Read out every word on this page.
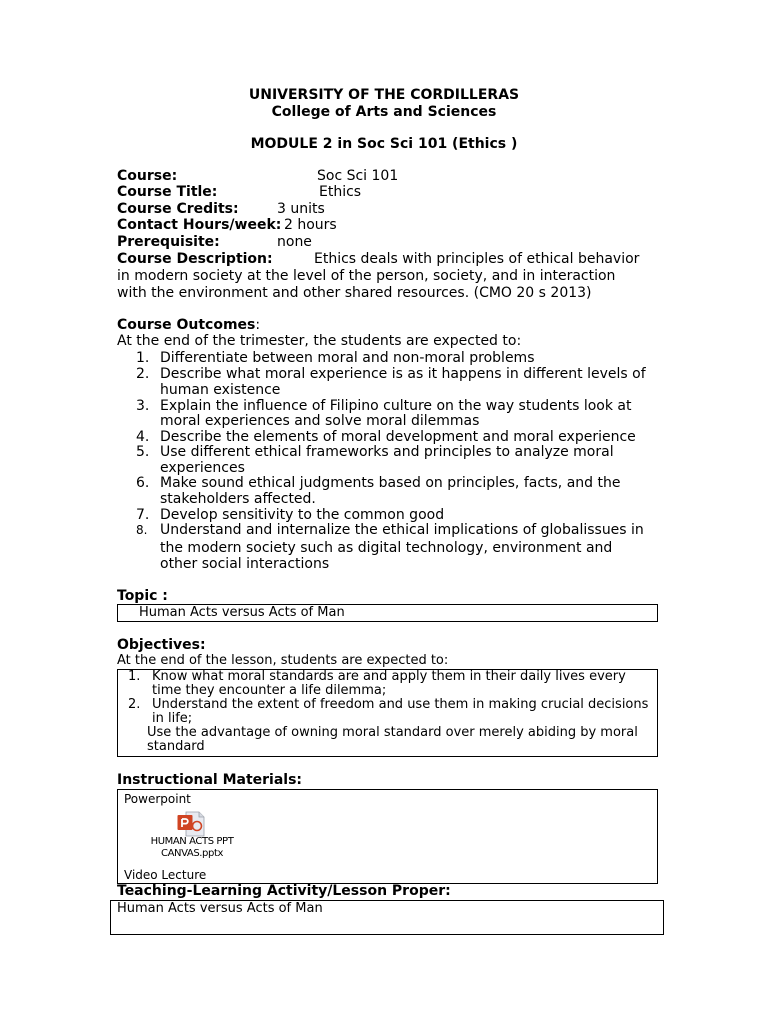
UNIVERSITY OF THE CORDILLERAS
College of Arts and Sciences
MODULE 2 in Soc Sci 101 (Ethics )
Course:	Soc Sci 101
Course Title:	Ethics
Course Credits:	3 units
Contact Hours/week: 2 hours
Prerequisite:	none
Course Description:	Ethics deals with principles of ethical behavior
in modern society at the level of the person, society, and in interaction
with the environment and other shared resources. (CMO 20 s 2013)
Course Outcomes:
At the end of the trimester, the students are expected to:
1. Differentiate between moral and non-moral problems
2. Describe what moral experience is as it happens in different levels of
human existence
3. Explain the influence of Filipino culture on the way students look at
moral experiences and solve moral dilemmas
4. Describe the elements of moral development and moral experience
5. Use different ethical frameworks and principles to analyze moral
experiences
6. Make sound ethical judgments based on principles, facts, and the
stakeholders affected.
7. Develop sensitivity to the common good
8. Understand and internalize the ethical implications of globalissues in
the modern society such as digital technology, environment and
other social interactions
Topic :
Human Acts versus Acts of Man
Objectives:
At the end of the lesson, students are expected to:
1. Know what moral standards are and apply them in their daily lives every
time they encounter a life dilemma;
2. Understand the extent of freedom and use them in making crucial decisions
in life;
Use the advantage of owning moral standard over merely abiding by moral
standard
Instructional Materials:
Powerpoint
Video Lecture
HUMAN ACTS PPT CANVAS.pptx
Teaching-Learning Activity/Lesson Proper:
Human Acts versus Acts of Man
